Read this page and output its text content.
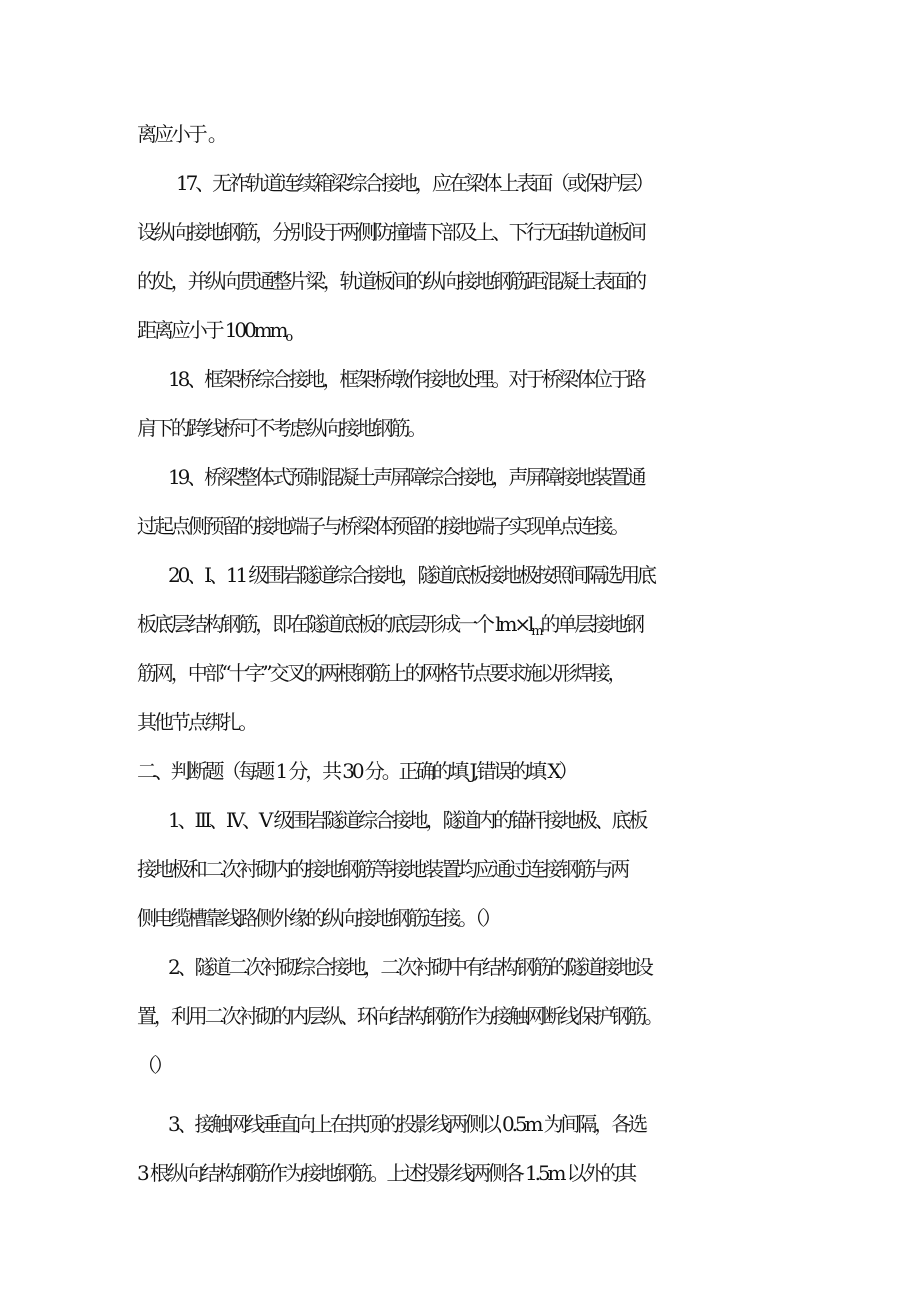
离应小于 。
17、无祚轨道连续箱梁综合接地，应在梁体上表面（或保护层）
设纵向接地钢筋，分别设于两侧防撞墙下部及上、下行无硅轨道板间
的处，并纵向贯通整片梁，轨道板间的纵向接地钢筋距混凝土表面的
距离应小于 100mmo
18、框架桥综合接地，框架桥墩作接地处理。对于桥梁体位于路
肩下的跨线桥可不考虑纵向接地钢筋。
19、桥梁整体式预制混凝土声屏障综合接地，声屏障接地装置通
过起点侧预留的接地端子与桥梁体预留的接地端子实现单点连接。
20、I、11 级围岩隧道综合接地，隧道底板接地极按照间隔选用底
板底层结构钢筋，即在隧道底板的底层形成一个 lm×lm的单层接地钢
筋网，中部“十字”交叉的两根钢筋上的网格节点要求施以形焊接，
其他节点绑扎。
二、判断题（每题 1 分，共 30 分。正确的填 J,错误的填 X）
1、III、IV、V 级围岩隧道综合接地，隧道内的锚杆接地极、底板
接地极和二次衬砌内的接地钢筋等接地装置均应通过连接钢筋与两
侧电缆槽靠线路侧外缘的纵向接地钢筋连接。（）
2、隧道二次衬砌综合接地，二次衬砌中有结构钢筋的隧道接地设
置，利用二次衬砌的内层纵、环向结构钢筋作为接触网断线保护钢筋。
（）
3、接触网线垂直向上在拱顶的投影线两侧以 0.5m 为间隔，各选
3 根纵向结构钢筋作为接地钢筋。上述投影线两侧各 1.5m 以外的其
